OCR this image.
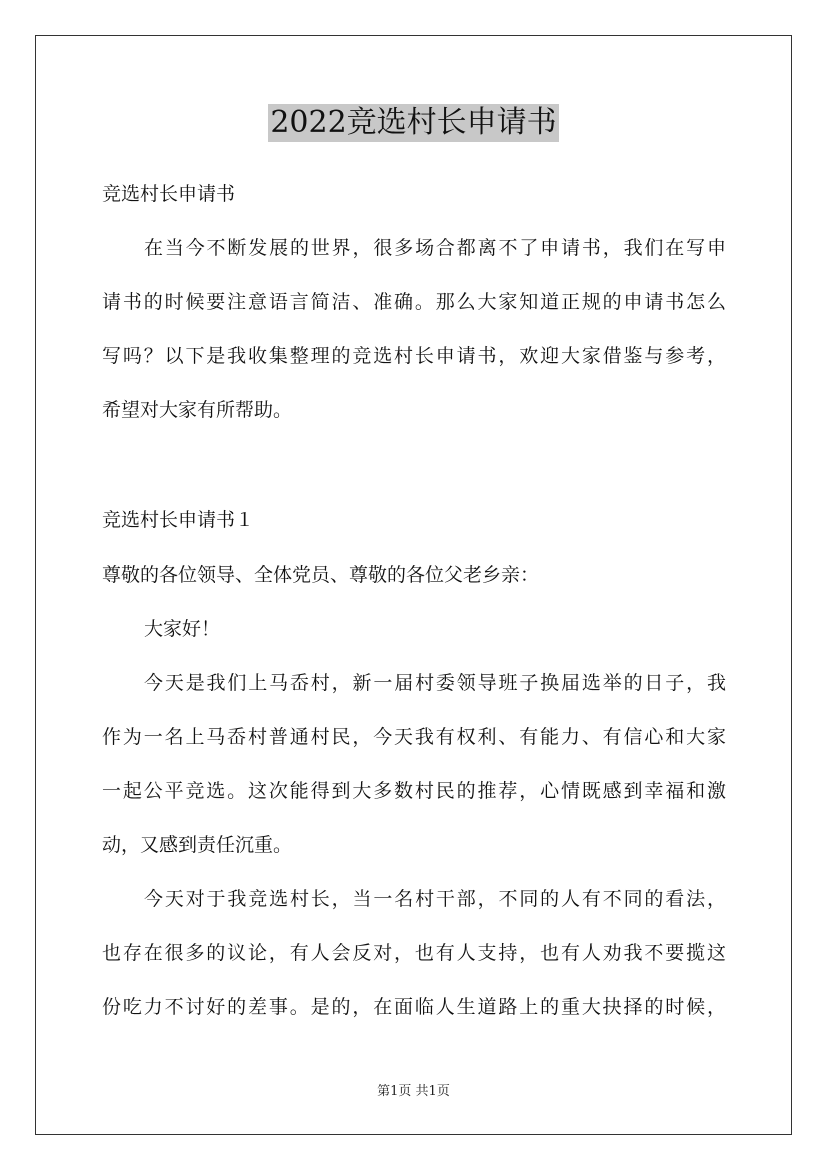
2022竞选村长申请书
竞选村长申请书
在当今不断发展的世界，很多场合都离不了申请书，我们在写申
请书的时候要注意语言简洁、准确。那么大家知道正规的申请书怎么
写吗？以下是我收集整理的竞选村长申请书，欢迎大家借鉴与参考，
希望对大家有所帮助。
竞选村长申请书１
尊敬的各位领导、全体党员、尊敬的各位父老乡亲：
大家好！
今天是我们上马岙村，新一届村委领导班子换届选举的日子，我
作为一名上马岙村普通村民，今天我有权利、有能力、有信心和大家
一起公平竞选。这次能得到大多数村民的推荐，心情既感到幸福和激
动，又感到责任沉重。
今天对于我竞选村长，当一名村干部，不同的人有不同的看法，
也存在很多的议论，有人会反对，也有人支持，也有人劝我不要揽这
份吃力不讨好的差事。是的，在面临人生道路上的重大抉择的时候，
第1页 共1页
